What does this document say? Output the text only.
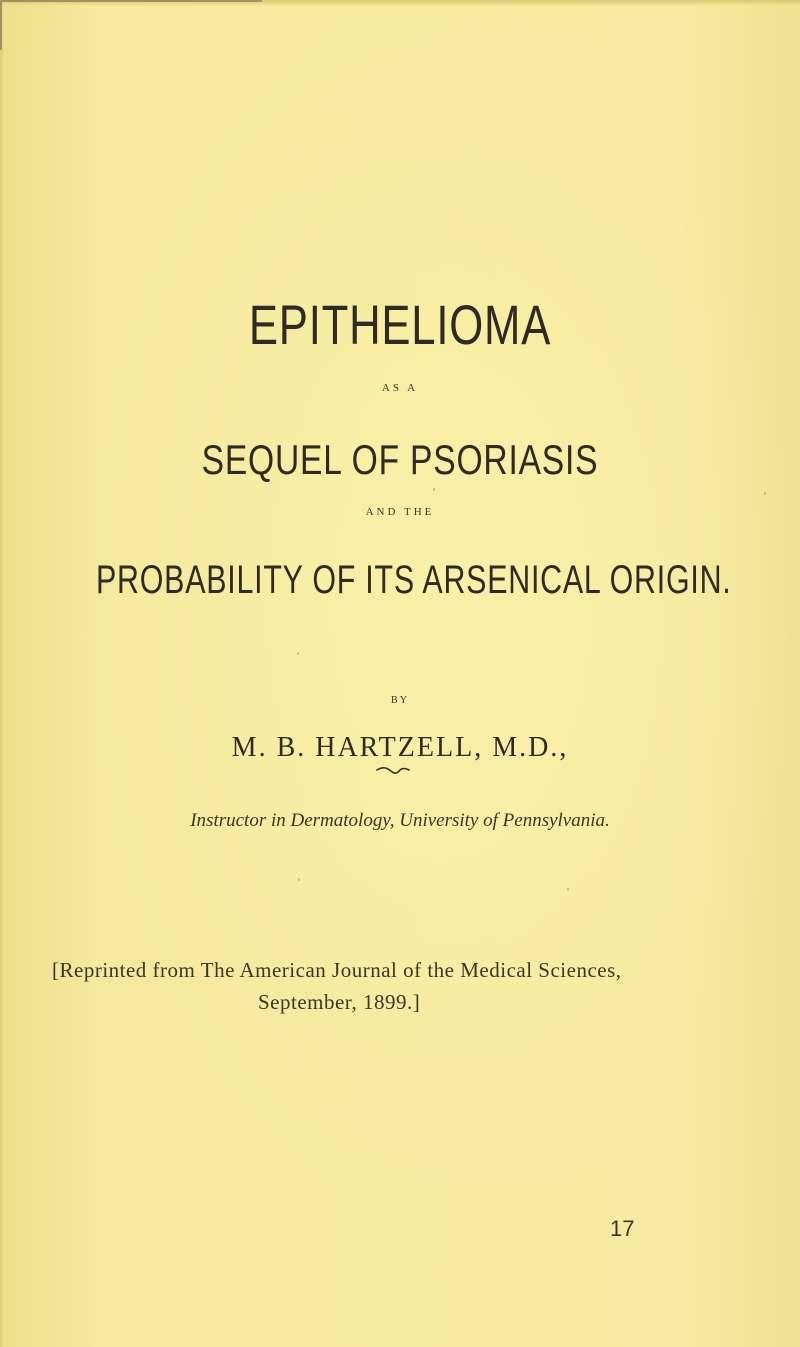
EPITHELIOMA
AS A
SEQUEL OF PSORIASIS
AND THE
PROBABILITY OF ITS ARSENICAL ORIGIN.
BY
M. B. HARTZELL, M.D.,
Instructor in Dermatology, University of Pennsylvania.
[Reprinted from The American Journal of the Medical Sciences,
September, 1899.]
17
